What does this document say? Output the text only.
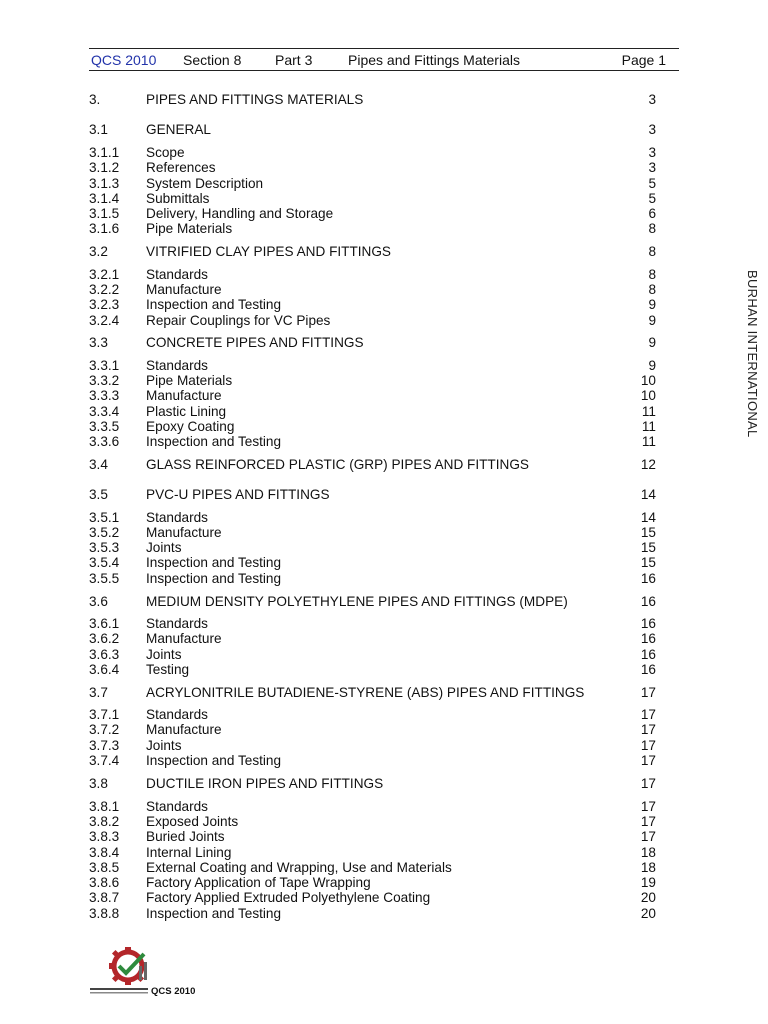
QCS 2010 Section 8 Part 3	Pipes and Fittings Materials	Page 1
3.	PIPES AND FITTINGS MATERIALS	3
3.1	GENERAL	3
3.1.1 Scope	3
3.1.2 References	3
3.1.3 System Description	5
3.1.4 Submittals	5
3.1.5 Delivery, Handling and Storage	6
3.1.6 Pipe Materials	8
3.2	VITRIFIED CLAY PIPES AND FITTINGS	8
3.2.1 Standards	8
3.2.2 Manufacture	8
3.2.3 Inspection and Testing	9
3.2.4 Repair Couplings for VC Pipes	9
3.3	CONCRETE PIPES AND FITTINGS	9
3.3.1 Standards	9
3.3.2 Pipe Materials	10
3.3.3 Manufacture	10
3.3.4 Plastic Lining	11
3.3.5 Epoxy Coating	11
3.3.6 Inspection and Testing	11
3.4	GLASS REINFORCED PLASTIC (GRP) PIPES AND FITTINGS	12
3.5	PVC-U PIPES AND FITTINGS	14
3.5.1 Standards	14
3.5.2 Manufacture	15
3.5.3 Joints	15
3.5.4 Inspection and Testing	15
3.5.5 Inspection and Testing	16
3.6	MEDIUM DENSITY POLYETHYLENE PIPES AND FITTINGS (MDPE)	16
3.6.1 Standards	16
3.6.2 Manufacture	16
3.6.3 Joints	16
3.6.4 Testing	16
3.7	ACRYLONITRILE BUTADIENE-STYRENE (ABS) PIPES AND FITTINGS	17
3.7.1 Standards	17
3.7.2 Manufacture	17
3.7.3 Joints	17
3.7.4 Inspection and Testing	17
3.8	DUCTILE IRON PIPES AND FITTINGS	17
3.8.1 Standards	17
3.8.2 Exposed Joints	17
3.8.3 Buried Joints	17
3.8.4 Internal Lining	18
3.8.5 External Coating and Wrapping, Use and Materials	18
3.8.6 Factory Application of Tape Wrapping	19
3.8.7 Factory Applied Extruded Polyethylene Coating	20
3.8.8 Inspection and Testing	20
BURHAN INTERNATIONAL
QCS 2010
